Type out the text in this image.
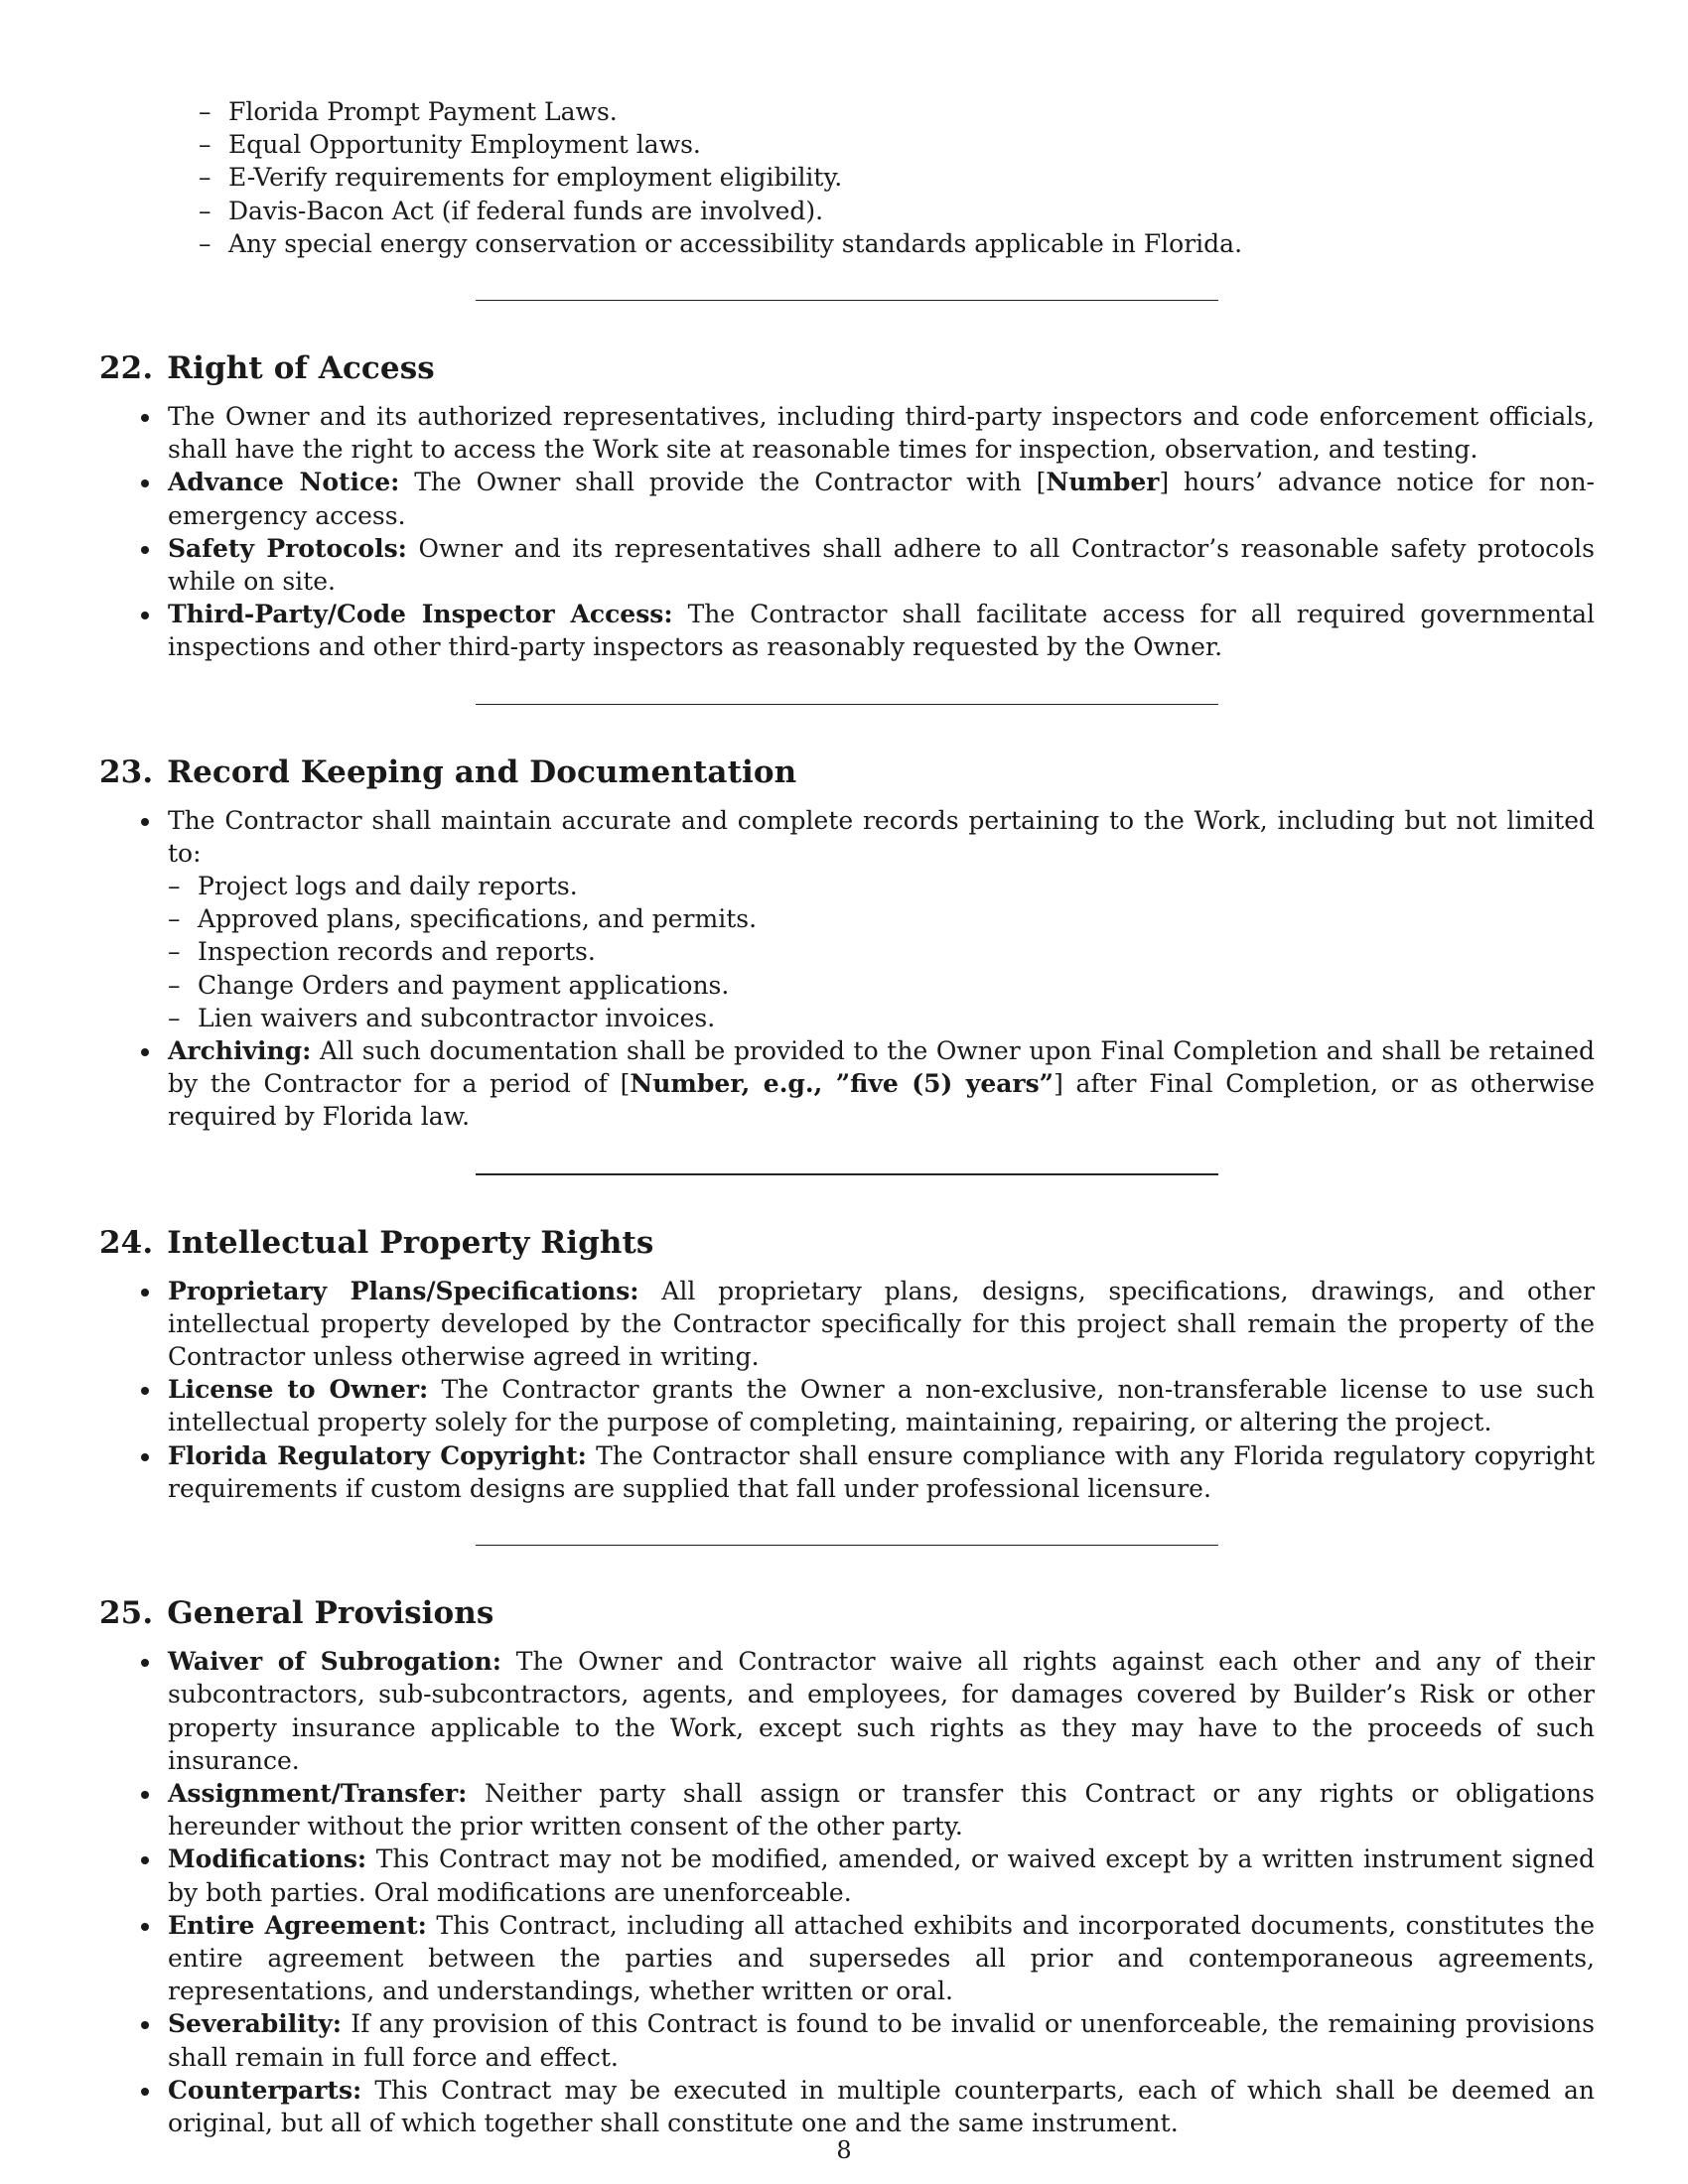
– Florida Prompt Payment Laws.
– Equal Opportunity Employment laws.
– E-Verify requirements for employment eligibility.
– Davis-Bacon Act (if federal funds are involved).
– Any special energy conservation or accessibility standards applicable in Florida.
22. Right of Access
The Owner and its authorized representatives, including third-party inspectors and code enforcement officials, shall have the right to access the Work site at reasonable times for inspection, observation, and testing.
Advance Notice: The Owner shall provide the Contractor with [Number] hours’ advance notice for non-emergency access.
Safety Protocols: Owner and its representatives shall adhere to all Contractor’s reasonable safety protocols while on site.
Third-Party/Code Inspector Access: The Contractor shall facilitate access for all required governmental inspections and other third-party inspectors as reasonably requested by the Owner.
23. Record Keeping and Documentation
The Contractor shall maintain accurate and complete records pertaining to the Work, including but not limited to:
– Project logs and daily reports.
– Approved plans, specifications, and permits.
– Inspection records and reports.
– Change Orders and payment applications.
– Lien waivers and subcontractor invoices.
Archiving: All such documentation shall be provided to the Owner upon Final Completion and shall be retained by the Contractor for a period of [Number, e.g., ”five (5) years”] after Final Completion, or as otherwise required by Florida law.
24. Intellectual Property Rights
Proprietary Plans/Specifications: All proprietary plans, designs, specifications, drawings, and other intellectual property developed by the Contractor specifically for this project shall remain the property of the Contractor unless otherwise agreed in writing.
License to Owner: The Contractor grants the Owner a non-exclusive, non-transferable license to use such intellectual property solely for the purpose of completing, maintaining, repairing, or altering the project.
Florida Regulatory Copyright: The Contractor shall ensure compliance with any Florida regulatory copyright requirements if custom designs are supplied that fall under professional licensure.
25. General Provisions
Waiver of Subrogation: The Owner and Contractor waive all rights against each other and any of their subcontractors, sub-subcontractors, agents, and employees, for damages covered by Builder’s Risk or other property insurance applicable to the Work, except such rights as they may have to the proceeds of such insurance.
Assignment/Transfer: Neither party shall assign or transfer this Contract or any rights or obligations hereunder without the prior written consent of the other party.
Modifications: This Contract may not be modified, amended, or waived except by a written instrument signed by both parties. Oral modifications are unenforceable.
Entire Agreement: This Contract, including all attached exhibits and incorporated documents, constitutes the entire agreement between the parties and supersedes all prior and contemporaneous agreements, representations, and understandings, whether written or oral.
Severability: If any provision of this Contract is found to be invalid or unenforceable, the remaining provisions shall remain in full force and effect.
Counterparts: This Contract may be executed in multiple counterparts, each of which shall be deemed an original, but all of which together shall constitute one and the same instrument.
8
